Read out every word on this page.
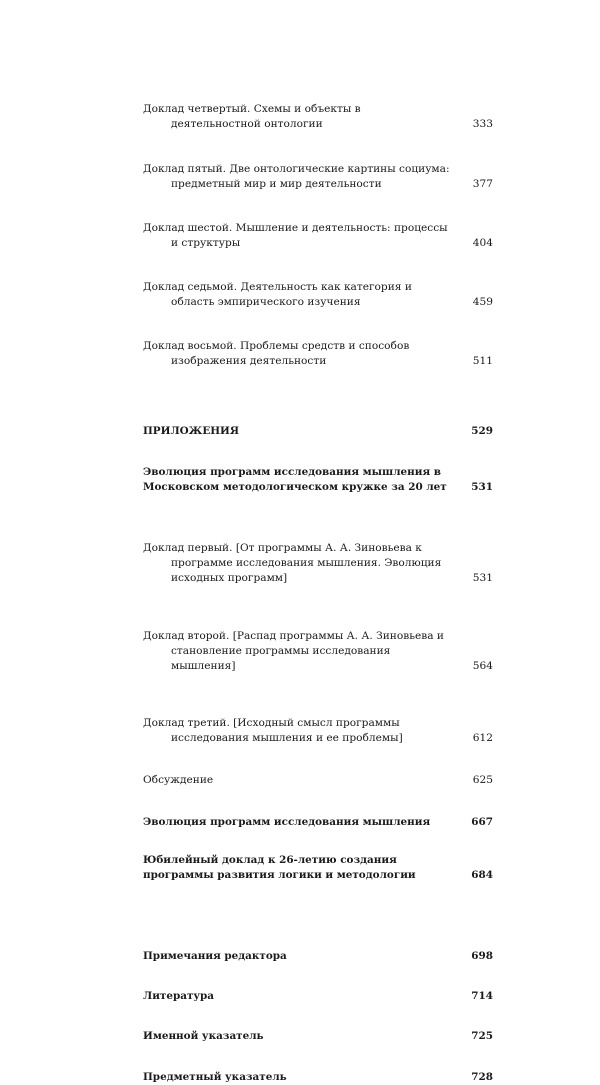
Доклад четвертый. Схемы и объекты в деятельностной онтологии	333
Доклад пятый. Две онтологические картины социума: предметный мир и мир деятельности	377
Доклад шестой. Мышление и деятельность: процессы и структуры	404
Доклад седьмой. Деятельность как категория и область эмпирического изучения	459
Доклад восьмой. Проблемы средств и способов изображения деятельности	511
ПРИЛОЖЕНИЯ	529
Эволюция программ исследования мышления в Московском методологическом кружке за 20 лет	531
Доклад первый. [От программы А. А. Зиновьева к программе исследования мышления. Эволюция исходных программ]	531
Доклад второй. [Распад программы А. А. Зиновьева и становление программы исследования мышления]	564
Доклад третий. [Исходный смысл программы исследования мышления и ее проблемы]	612
Обсуждение	625
Эволюция программ исследования мышления	667
Юбилейный доклад к 26-летию создания программы развития логики и методологии	684
Примечания редактора	698
Литература	714
Именной указатель	725
Предметный указатель	728
